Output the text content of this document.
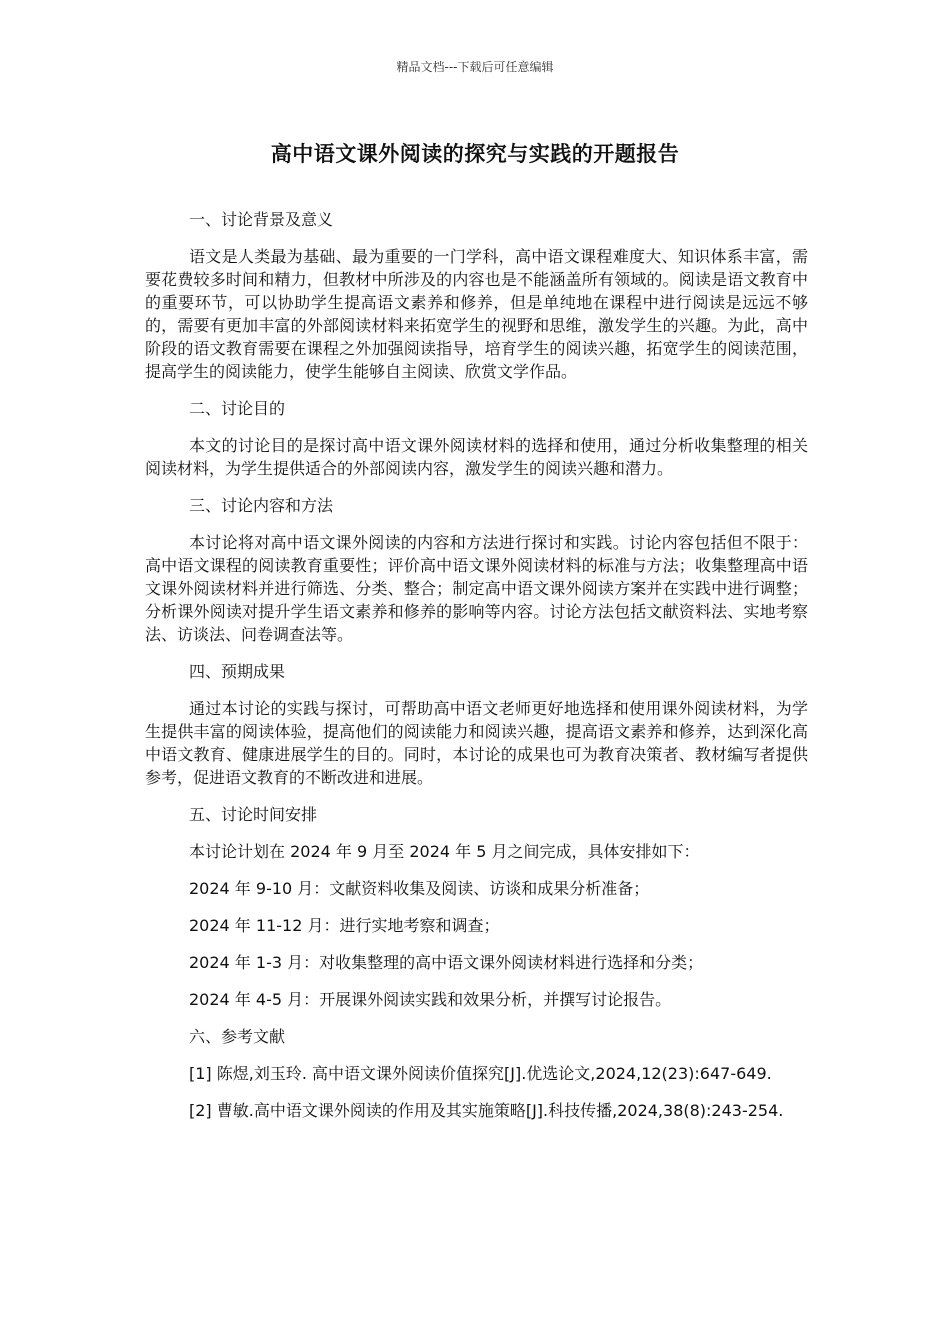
精品文档---下载后可任意编辑
高中语文课外阅读的探究与实践的开题报告

一、讨论背景及意义

语文是人类最为基础、最为重要的一门学科，高中语文课程难度大、知识体系丰富，需要花费较多时间和精力，但教材中所涉及的内容也是不能涵盖所有领域的。阅读是语文教育中的重要环节，可以协助学生提高语文素养和修养，但是单纯地在课程中进行阅读是远远不够的，需要有更加丰富的外部阅读材料来拓宽学生的视野和思维，激发学生的兴趣。为此，高中阶段的语文教育需要在课程之外加强阅读指导，培育学生的阅读兴趣，拓宽学生的阅读范围，提高学生的阅读能力，使学生能够自主阅读、欣赏文学作品。

二、讨论目的

本文的讨论目的是探讨高中语文课外阅读材料的选择和使用，通过分析收集整理的相关阅读材料，为学生提供适合的外部阅读内容，激发学生的阅读兴趣和潜力。

三、讨论内容和方法

本讨论将对高中语文课外阅读的内容和方法进行探讨和实践。讨论内容包括但不限于：高中语文课程的阅读教育重要性；评价高中语文课外阅读材料的标准与方法；收集整理高中语文课外阅读材料并进行筛选、分类、整合；制定高中语文课外阅读方案并在实践中进行调整；分析课外阅读对提升学生语文素养和修养的影响等内容。讨论方法包括文献资料法、实地考察法、访谈法、问卷调查法等。

四、预期成果

通过本讨论的实践与探讨，可帮助高中语文老师更好地选择和使用课外阅读材料，为学生提供丰富的阅读体验，提高他们的阅读能力和阅读兴趣，提高语文素养和修养，达到深化高中语文教育、健康进展学生的目的。同时，本讨论的成果也可为教育决策者、教材编写者提供参考，促进语文教育的不断改进和进展。

五、讨论时间安排

本讨论计划在 2024 年 9 月至 2024 年 5 月之间完成，具体安排如下：

2024 年 9-10 月：文献资料收集及阅读、访谈和成果分析准备；

2024 年 11-12 月：进行实地考察和调查；

2024 年 1-3 月：对收集整理的高中语文课外阅读材料进行选择和分类；

2024 年 4-5 月：开展课外阅读实践和效果分析，并撰写讨论报告。

六、参考文献

[1] 陈煜,刘玉玲. 高中语文课外阅读价值探究[J].优选论文,2024,12(23):647-649.

[2] 曹敏.高中语文课外阅读的作用及其实施策略[J].科技传播,2024,38(8):243-254.
